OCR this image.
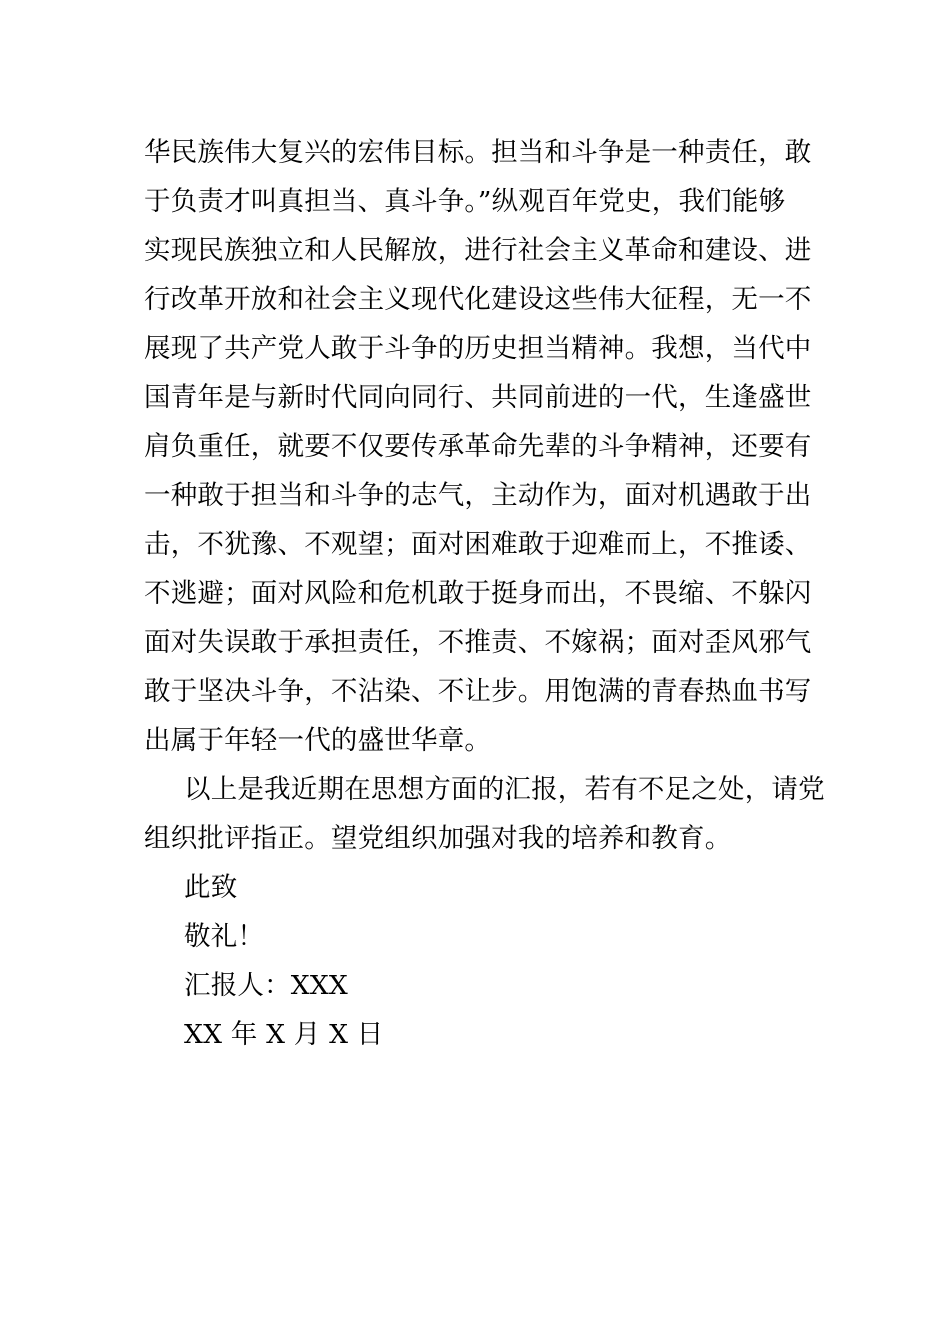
华民族伟大复兴的宏伟目标。担当和斗争是一种责任，敢
于负责才叫真担当、真斗争。”纵观百年党史，我们能够
实现民族独立和人民解放，进行社会主义革命和建设、进
行改革开放和社会主义现代化建设这些伟大征程，无一不
展现了共产党人敢于斗争的历史担当精神。我想，当代中
国青年是与新时代同向同行、共同前进的一代，生逢盛世
肩负重任，就要不仅要传承革命先辈的斗争精神，还要有
一种敢于担当和斗争的志气，主动作为，面对机遇敢于出
击，不犹豫、不观望；面对困难敢于迎难而上，不推诿、
不逃避；面对风险和危机敢于挺身而出，不畏缩、不躲闪
面对失误敢于承担责任，不推责、不嫁祸；面对歪风邪气
敢于坚决斗争，不沾染、不让步。用饱满的青春热血书写
出属于年轻一代的盛世华章。
以上是我近期在思想方面的汇报，若有不足之处，请党
组织批评指正。望党组织加强对我的培养和教育。
此致
敬礼！
汇报人：XXX
XX 年 X 月 X 日
